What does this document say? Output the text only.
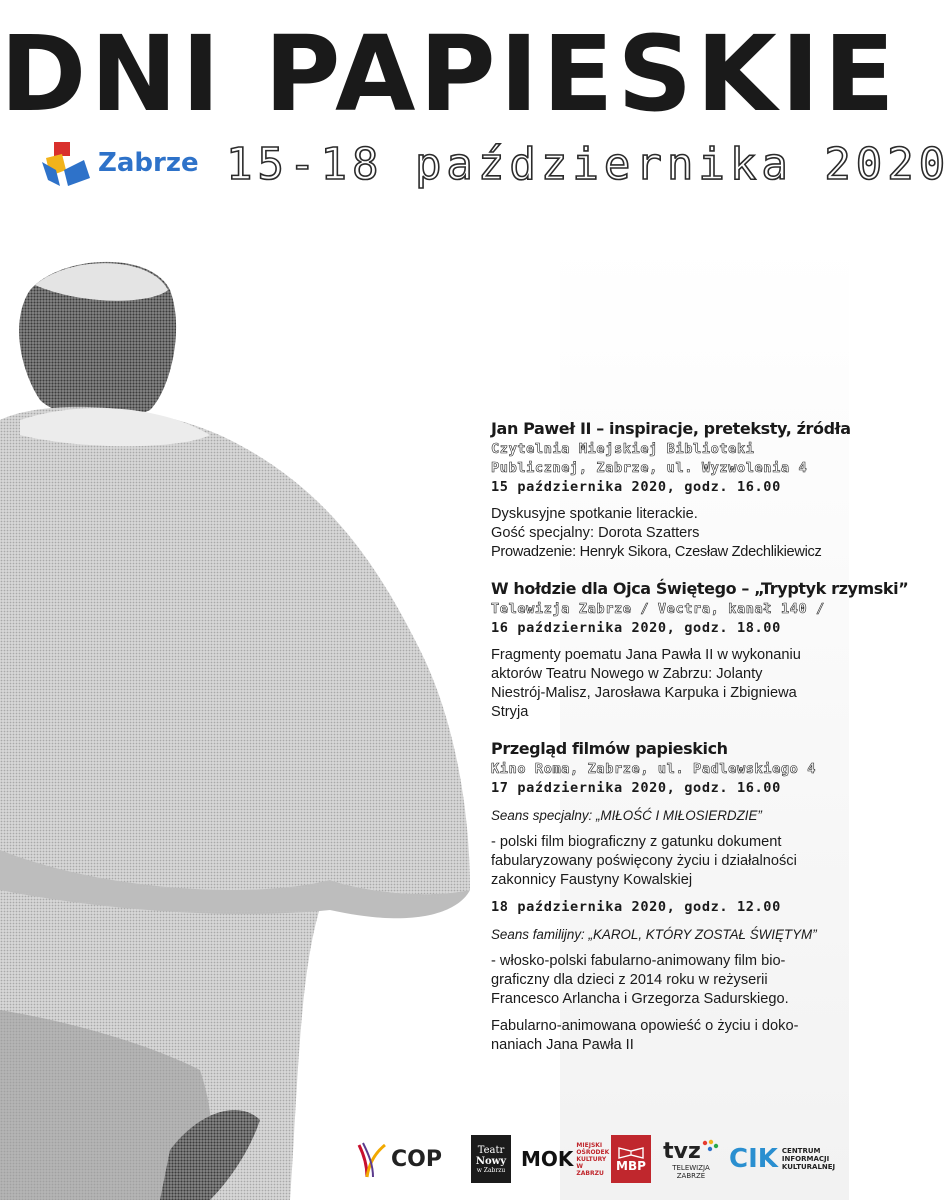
DNI PAPIESKIE
Zabrze 15-18 października 2020
Jan Paweł II – inspiracje, preteksty, źródła
Czytelnia Miejskiej Biblioteki
Publicznej, Zabrze, ul. Wyzwolenia 4
15 października 2020, godz. 16.00
Dyskusyjne spotkanie literackie.
Gość specjalny: Dorota Szatters
Prowadzenie: Henryk Sikora, Czesław Zdechlikiewicz
W hołdzie dla Ojca Świętego – „Tryptyk rzymski”
Telewizja Zabrze / Vectra, kanał 140 /
16 października 2020, godz. 18.00
Fragmenty poematu Jana Pawła II w wykonaniu
aktorów Teatru Nowego w Zabrzu: Jolanty
Niestrój-Malisz, Jarosława Karpuka i Zbigniewa
Stryja
Przegląd filmów papieskich
Kino Roma, Zabrze, ul. Padlewskiego 4
17 października 2020, godz. 16.00
Seans specjalny: „MIŁOŚĆ I MIŁOSIERDZIE”
- polski film biograficzny z gatunku dokument
fabularyzowany poświęcony życiu i działalności
zakonnicy Faustyny Kowalskiej
18 października 2020, godz. 12.00
Seans familijny: „KAROL, KTÓRY ZOSTAŁ ŚWIĘTYM”
- włosko-polski fabularno-animowany film bio-
graficzny dla dzieci z 2014 roku w reżyserii
Francesco Arlancha i Grzegorza Sadurskiego.
Fabularno-animowana opowieść o życiu i doko-
naniach Jana Pawła II
COP	Teatr
Nowy
w Zabrzu MOK
MIEJSKI
OŚRODEK
KULTURY
W ZABRZU	MBP
tvz
TELEWIZJA
ZABRZE
CIK CENTRUM
INFORMACJI
KULTURALNEJ
